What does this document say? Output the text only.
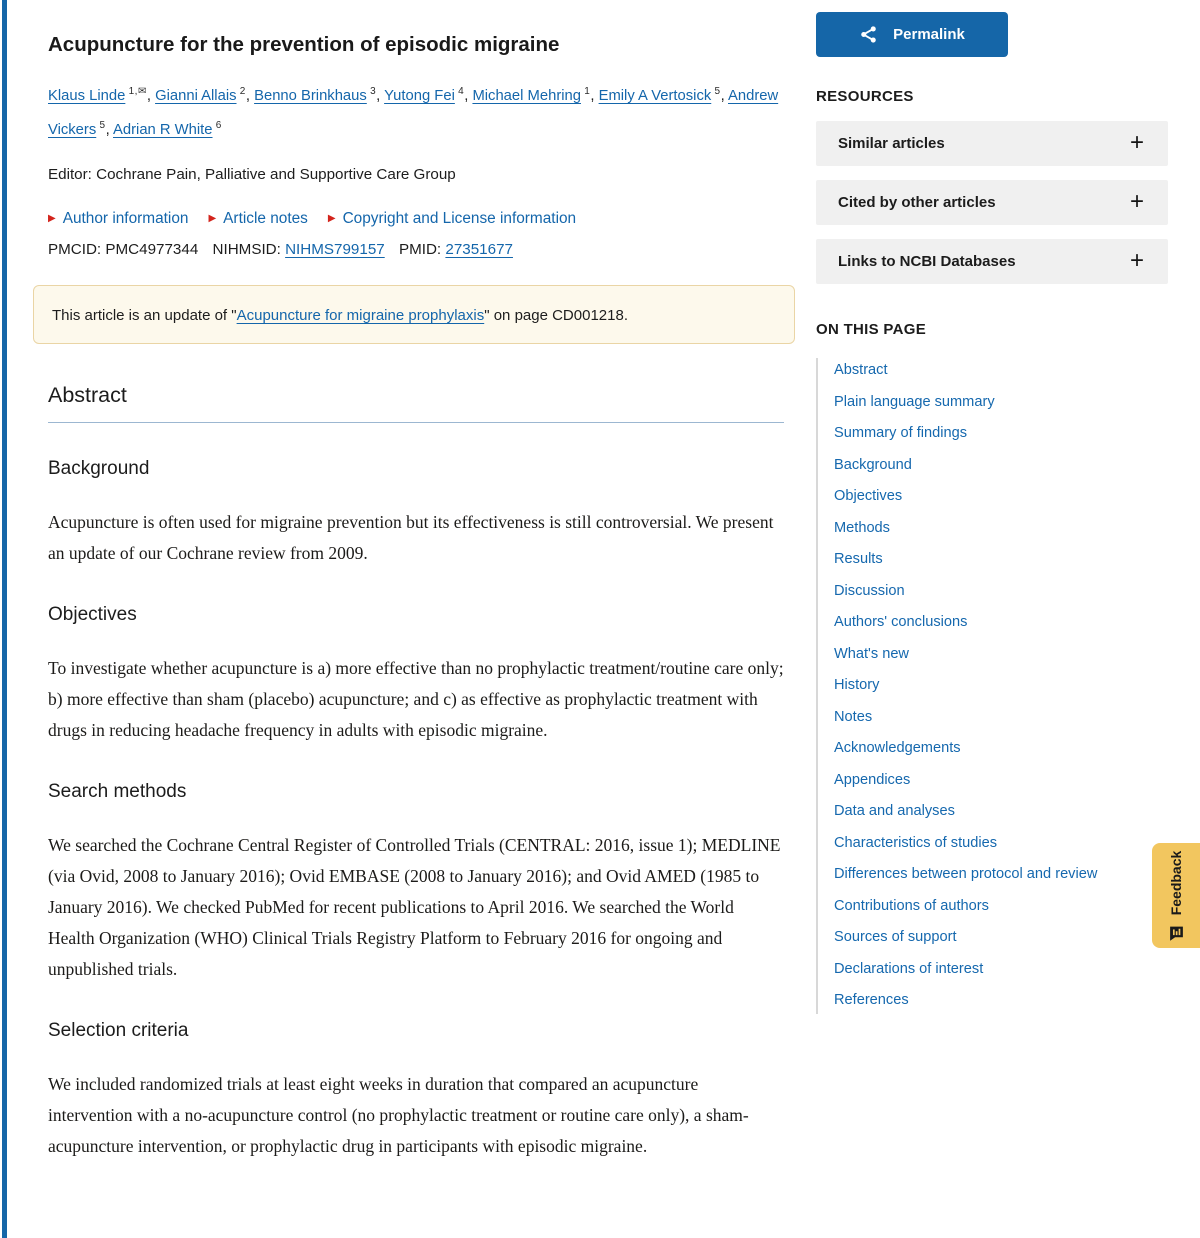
Acupuncture for the prevention of episodic migraine

Klaus Linde $^{1,✉}$, Gianni Allais $^2$, Benno Brinkhaus $^3$, Yutong Fei $^4$, Michael Mehring $^1$, Emily A Vertosick $^5$, Andrew Vickers $^5$, Adrian R White $^6$

Editor: Cochrane Pain, Palliative and Supportive Care Group

▶ Author information ▶ Article notes ▶ Copyright and License information

PMCID: PMC4977344 NIHMSID: NIHMS799157 PMID: 27351677

This article is an update of "Acupuncture for migraine prophylaxis" on page CD001218.
Abstract
Background

Acupuncture is often used for migraine prevention but its effectiveness is still controversial. We present an update of our Cochrane review from 2009.

Objectives

To investigate whether acupuncture is a) more effective than no prophylactic treatment/routine care only; b) more effective than sham (placebo) acupuncture; and c) as effective as prophylactic treatment with drugs in reducing headache frequency in adults with episodic migraine.

Search methods

We searched the Cochrane Central Register of Controlled Trials (CENTRAL: 2016, issue 1); MEDLINE (via Ovid, 2008 to January 2016); Ovid EMBASE (2008 to January 2016); and Ovid AMED (1985 to January 2016). We checked PubMed for recent publications to April 2016. We searched the World Health Organization (WHO) Clinical Trials Registry Platform to February 2016 for ongoing and unpublished trials.

Selection criteria

We included randomized trials at least eight weeks in duration that compared an acupuncture intervention with a no-acupuncture control (no prophylactic treatment or routine care only), a sham-acupuncture intervention, or prophylactic drug in participants with episodic migraine.

Permalink
RESOURCES
Similar articles	+
Cited by other articles	+
Links to NCBI Databases	+
ON THIS PAGE
Abstract
Plain language summary
Summary of findings
Background
Objectives
Methods
Results
Discussion
Authors' conclusions
What's new
History
Notes
Acknowledgements
Appendices
Data and analyses
Characteristics of studies
Differences between protocol and review
Contributions of authors
Sources of support
Declarations of interest
References
Feedback
